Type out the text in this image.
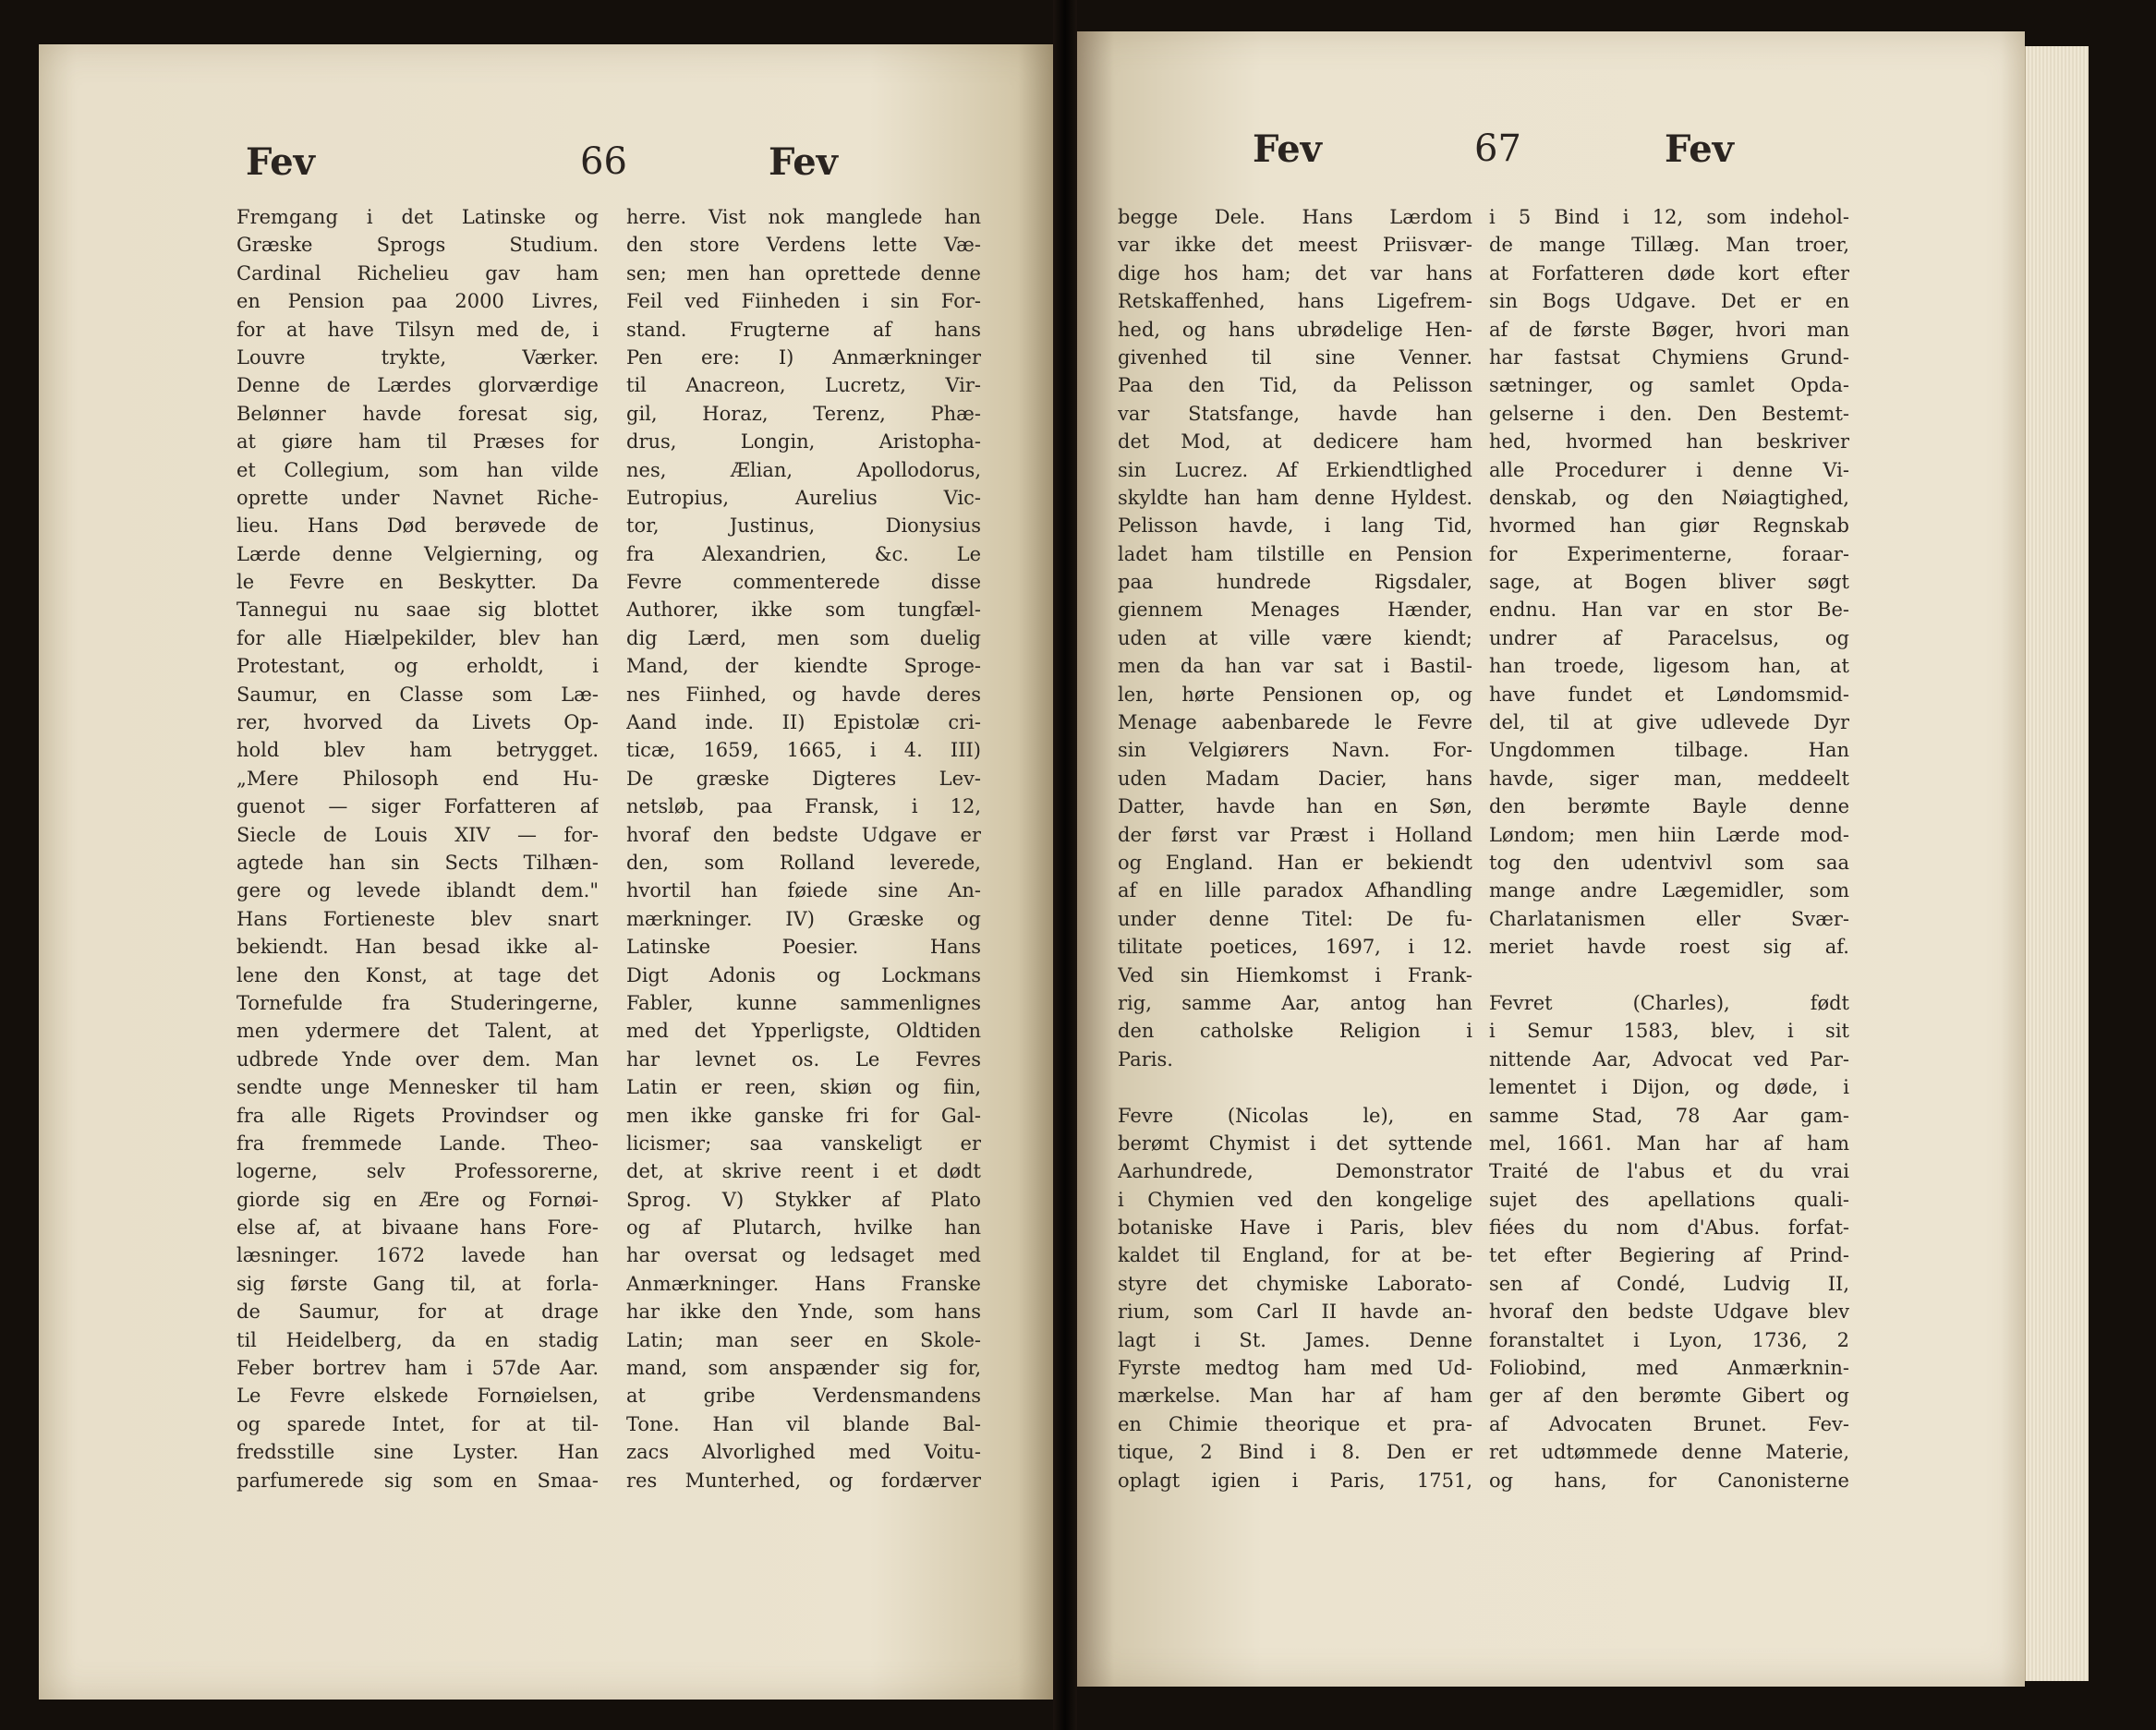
Fev	66	Fev
Fremgang i det Latinske og
Græske Sprogs Studium.
Cardinal Richelieu gav ham
en Pension paa 2000 Livres,
for at have Tilsyn med de, i
Louvre trykte, Værker.
Denne de Lærdes glorværdige
Belønner havde foresat sig,
at giøre ham til Præses for
et Collegium, som han vilde
oprette under Navnet Riche-
lieu. Hans Død berøvede de
Lærde denne Velgierning, og
le Fevre en Beskytter. Da
Tannegui nu saae sig blottet
for alle Hiælpekilder, blev han
Protestant, og erholdt, i
Saumur, en Classe som Læ-
rer, hvorved da Livets Op-
hold blev ham betrygget.
„Mere Philosoph end Hu-
guenot — siger Forfatteren af
Siecle de Louis XIV — for-
agtede han sin Sects Tilhæn-
gere og levede iblandt dem."
Hans Fortieneste blev snart
bekiendt. Han besad ikke al-
lene den Konst, at tage det
Tornefulde fra Studeringerne,
men ydermere det Talent, at
udbrede Ynde over dem. Man
sendte unge Mennesker til ham
fra alle Rigets Provindser og
fra fremmede Lande. Theo-
logerne, selv Professorerne,
giorde sig en Ære og Fornøi-
else af, at bivaane hans Fore-
læsninger. 1672 lavede han
sig første Gang til, at forla-
de Saumur, for at drage
til Heidelberg, da en stadig
Feber bortrev ham i 57de Aar.
Le Fevre elskede Fornøielsen,
og sparede Intet, for at til-
fredsstille sine Lyster. Han
parfumerede sig som en Smaa-
herre. Vist nok manglede han
den store Verdens lette Væ-
sen; men han oprettede denne
Feil ved Fiinheden i sin For-
stand. Frugterne af hans
Pen ere: I) Anmærkninger
til Anacreon, Lucretz, Vir-
gil, Horaz, Terenz, Phæ-
drus, Longin, Aristopha-
nes, Ælian, Apollodorus,
Eutropius, Aurelius Vic-
tor, Justinus, Dionysius
fra Alexandrien, &c. Le
Fevre commenterede disse
Authorer, ikke som tungfæl-
dig Lærd, men som duelig
Mand, der kiendte Sproge-
nes Fiinhed, og havde deres
Aand inde. II) Epistolæ cri-
ticæ, 1659, 1665, i 4. III)
De græske Digteres Lev-
netsløb, paa Fransk, i 12,
hvoraf den bedste Udgave er
den, som Rolland leverede,
hvortil han føiede sine An-
mærkninger. IV) Græske og
Latinske Poesier. Hans
Digt Adonis og Lockmans
Fabler, kunne sammenlignes
med det Ypperligste, Oldtiden
har levnet os. Le Fevres
Latin er reen, skiøn og fiin,
men ikke ganske fri for Gal-
licismer; saa vanskeligt er
det, at skrive reent i et dødt
Sprog. V) Stykker af Plato
og af Plutarch, hvilke han
har oversat og ledsaget med
Anmærkninger. Hans Franske
har ikke den Ynde, som hans
Latin; man seer en Skole-
mand, som anspænder sig for,
at gribe Verdensmandens
Tone. Han vil blande Bal-
zacs Alvorlighed med Voitu-
res Munterhed, og fordærver
Fev	67	Fev
begge Dele. Hans Lærdom
var ikke det meest Priisvær-
dige hos ham; det var hans
Retskaffenhed, hans Ligefrem-
hed, og hans ubrødelige Hen-
givenhed til sine Venner.
Paa den Tid, da Pelisson
var Statsfange, havde han
det Mod, at dedicere ham
sin Lucrez. Af Erkiendtlighed
skyldte han ham denne Hyldest.
Pelisson havde, i lang Tid,
ladet ham tilstille en Pension
paa hundrede Rigsdaler,
giennem Menages Hænder,
uden at ville være kiendt;
men da han var sat i Bastil-
len, hørte Pensionen op, og
Menage aabenbarede le Fevre
sin Velgiørers Navn. For-
uden Madam Dacier, hans
Datter, havde han en Søn,
der først var Præst i Holland
og England. Han er bekiendt
af en lille paradox Afhandling
under denne Titel: De fu-
tilitate poetices, 1697, i 12.
Ved sin Hiemkomst i Frank-
rig, samme Aar, antog han
den catholske Religion i
Paris.
Fevre (Nicolas le), en
berømt Chymist i det syttende
Aarhundrede, Demonstrator
i Chymien ved den kongelige
botaniske Have i Paris, blev
kaldet til England, for at be-
styre det chymiske Laborato-
rium, som Carl II havde an-
lagt i St. James. Denne
Fyrste medtog ham med Ud-
mærkelse. Man har af ham
en Chimie theorique et pra-
tique, 2 Bind i 8. Den er
oplagt igien i Paris, 1751,
i 5 Bind i 12, som indehol-
de mange Tillæg. Man troer,
at Forfatteren døde kort efter
sin Bogs Udgave. Det er en
af de første Bøger, hvori man
har fastsat Chymiens Grund-
sætninger, og samlet Opda-
gelserne i den. Den Bestemt-
hed, hvormed han beskriver
alle Procedurer i denne Vi-
denskab, og den Nøiagtighed,
hvormed han giør Regnskab
for Experimenterne, foraar-
sage, at Bogen bliver søgt
endnu. Han var en stor Be-
undrer af Paracelsus, og
han troede, ligesom han, at
have fundet et Løndomsmid-
del, til at give udlevede Dyr
Ungdommen tilbage. Han
havde, siger man, meddeelt
den berømte Bayle denne
Løndom; men hiin Lærde mod-
tog den udentvivl som saa
mange andre Lægemidler, som
Charlatanismen eller Svær-
meriet havde roest sig af.
Fevret (Charles), født
i Semur 1583, blev, i sit
nittende Aar, Advocat ved Par-
lementet i Dijon, og døde, i
samme Stad, 78 Aar gam-
mel, 1661. Man har af ham
Traité de l'abus et du vrai
sujet des apellations quali-
fiées du nom d'Abus. forfat-
tet efter Begiering af Prind-
sen af Condé, Ludvig II,
hvoraf den bedste Udgave blev
foranstaltet i Lyon, 1736, 2
Foliobind, med Anmærknin-
ger af den berømte Gibert og
af Advocaten Brunet. Fev-
ret udtømmede denne Materie,
og hans, for Canonisterne
